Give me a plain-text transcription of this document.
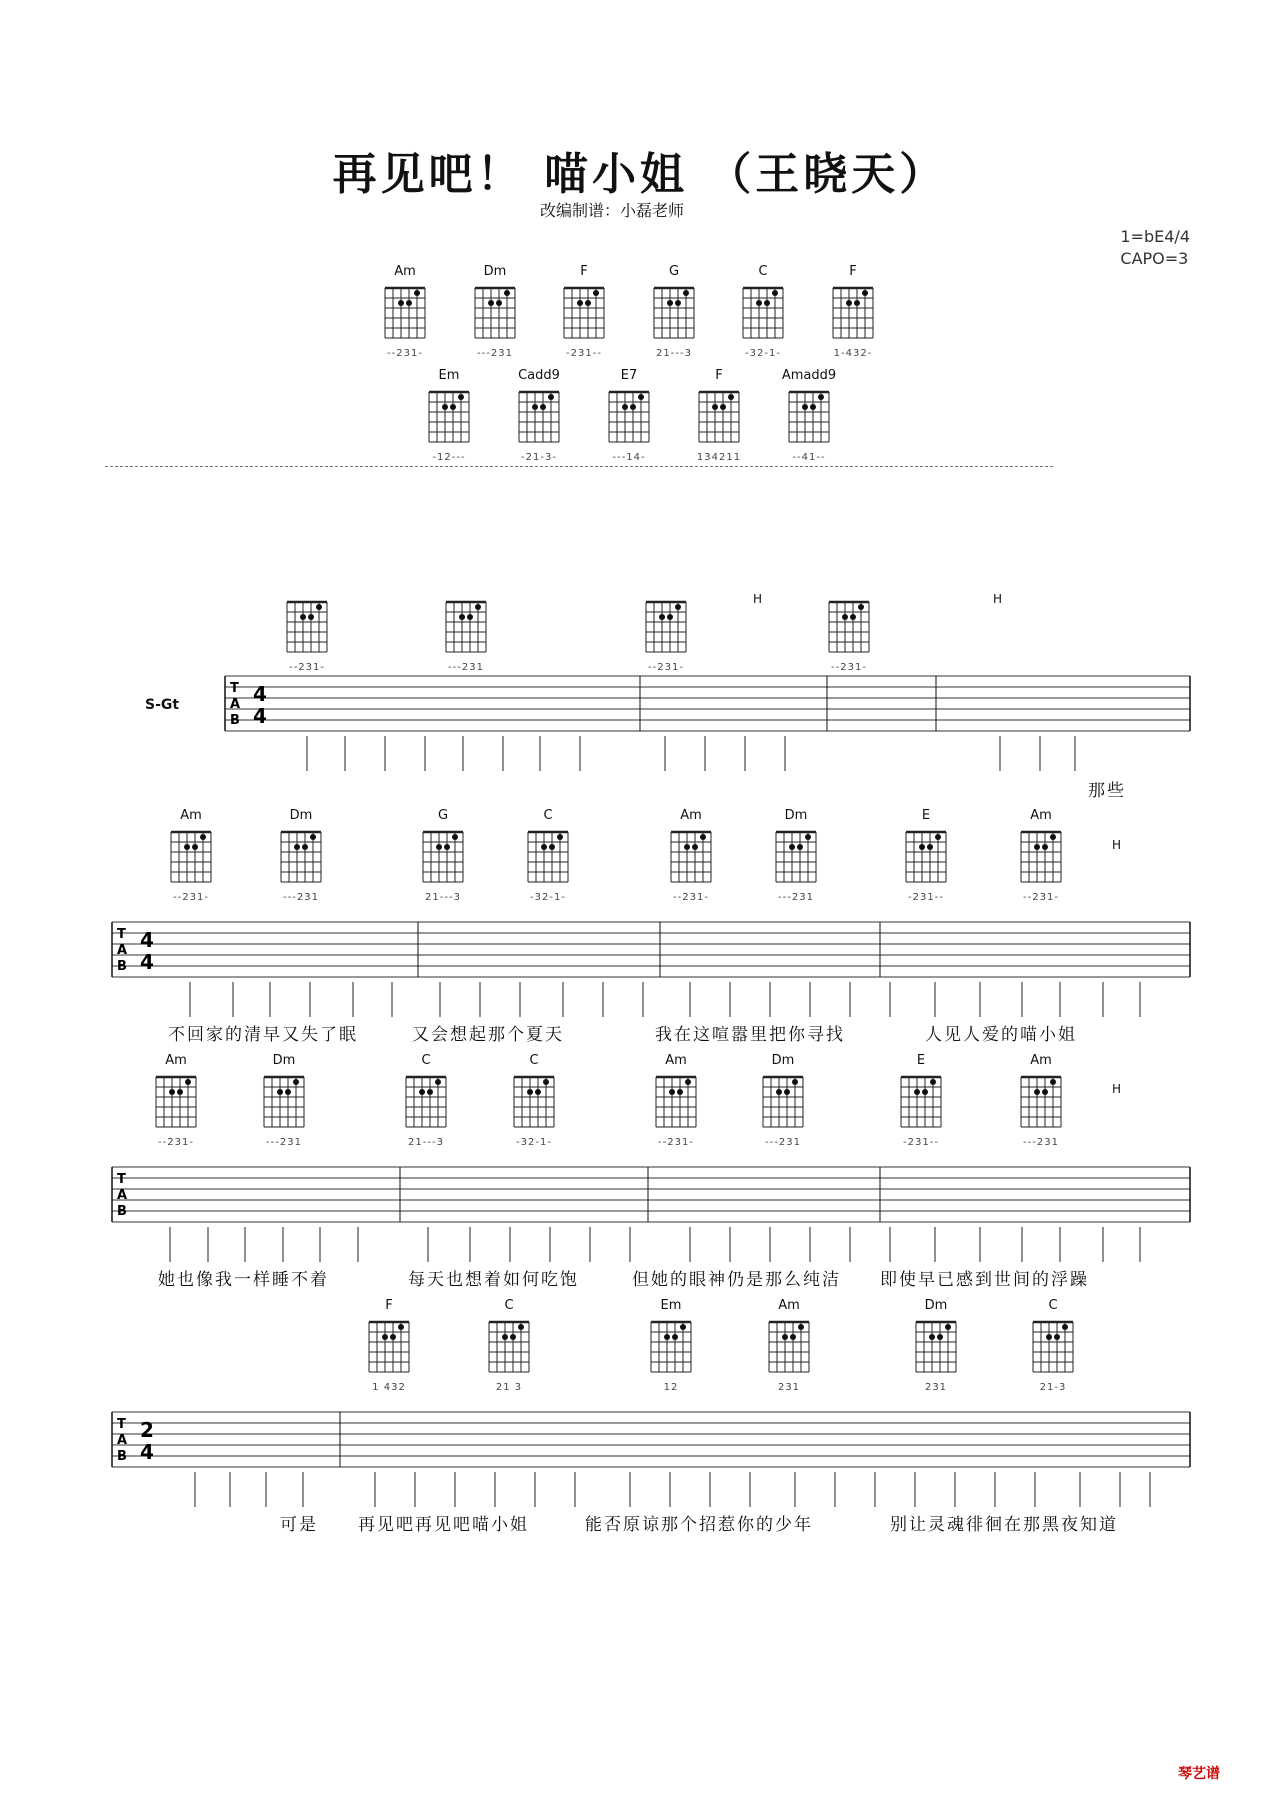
再见吧！ 喵小姐 （王晓天）
改编制谱：小磊老师
1=bE4/4
CAPO=3
Am
--231-
Dm
---231
F
-231--
G
21---3
C
-32-1-
F
1-432-
Em
-12---
Cadd9
-21-3-
E7
---14-
F
134211
Amadd9
--41--
S-Gt
--231-	---231	--231-	--231-
Am
--231-
Dm
---231
G
21---3
C
-32-1-
Am
--231-
Dm
---231
E
-231--
Am
--231-
Am
--231-
Dm
---231
C
21---3
C
-32-1-
Am
--231-
Dm
---231
E
-231--
Am
---231
F
1 432
C
21 3
Em
12
Am
231
Dm
231
C
21-3
T
A
B
4
4
T
A
B
4
4
T
A
B
T
A
B
2
4
H	H
H
H
那些
不回家的清早又失了眠	又会想起那个夏天	我在这喧嚣里把你寻找	人见人爱的喵小姐
她也像我一样睡不着	每天也想着如何吃饱	但她的眼神仍是那么纯洁 即使早已感到世间的浮躁
可是 再见吧再见吧喵小姐	能否原谅那个招惹你的少年	别让灵魂徘徊在那黑夜知道
琴艺谱
